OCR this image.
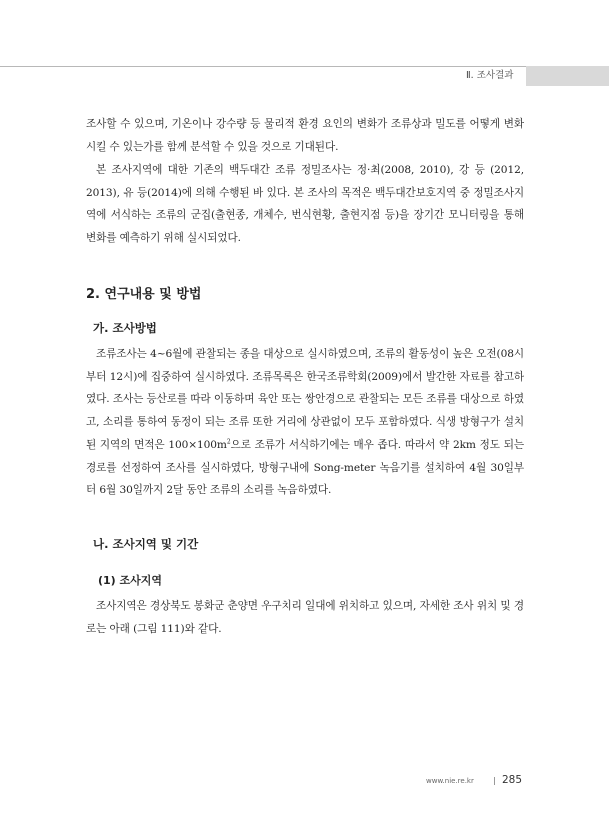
Ⅱ. 조사결과

조사할 수 있으며, 기온이나 강수량 등 물리적 환경 요인의 변화가 조류상과 밀도를 어떻게 변화시킬 수 있는가를 함께 분석할 수 있을 것으로 기대된다.

본 조사지역에 대한 기존의 백두대간 조류 정밀조사는 정·최(2008, 2010), 강 등 (2012, 2013), 유 등(2014)에 의해 수행된 바 있다. 본 조사의 목적은 백두대간보호지역 중 정밀조사지역에 서식하는 조류의 군집(출현종, 개체수, 번식현황, 출현지점 등)을 장기간 모니터링을 통해 변화를 예측하기 위해 실시되었다.

2. 연구내용 및 방법
가. 조사방법

조류조사는 4~6월에 관찰되는 종을 대상으로 실시하였으며, 조류의 활동성이 높은 오전(08시부터 12시)에 집중하여 실시하였다. 조류목록은 한국조류학회(2009)에서 발간한 자료를 참고하였다. 조사는 등산로를 따라 이동하며 육안 또는 쌍안경으로 관찰되는 모든 조류를 대상으로 하였고, 소리를 통하여 동정이 되는 조류 또한 거리에 상관없이 모두 포함하였다. 식생 방형구가 설치된 지역의 면적은 $100\times 100m^2$으로 조류가 서식하기에는 매우 좁다. 따라서 약 2km 정도 되는 경로를 선정하여 조사를 실시하였다, 방형구내에 Song-meter 녹음기를 설치하여 4월 30일부터 6월 30일까지 2달 동안 조류의 소리를 녹음하였다.

나. 조사지역 및 기간
(1) 조사지역

조사지역은 경상북도 봉화군 춘양면 우구치리 일대에 위치하고 있으며, 자세한 조사 위치 및 경로는 아래 (그림 111)와 같다.

www.nie.re.kr	285
